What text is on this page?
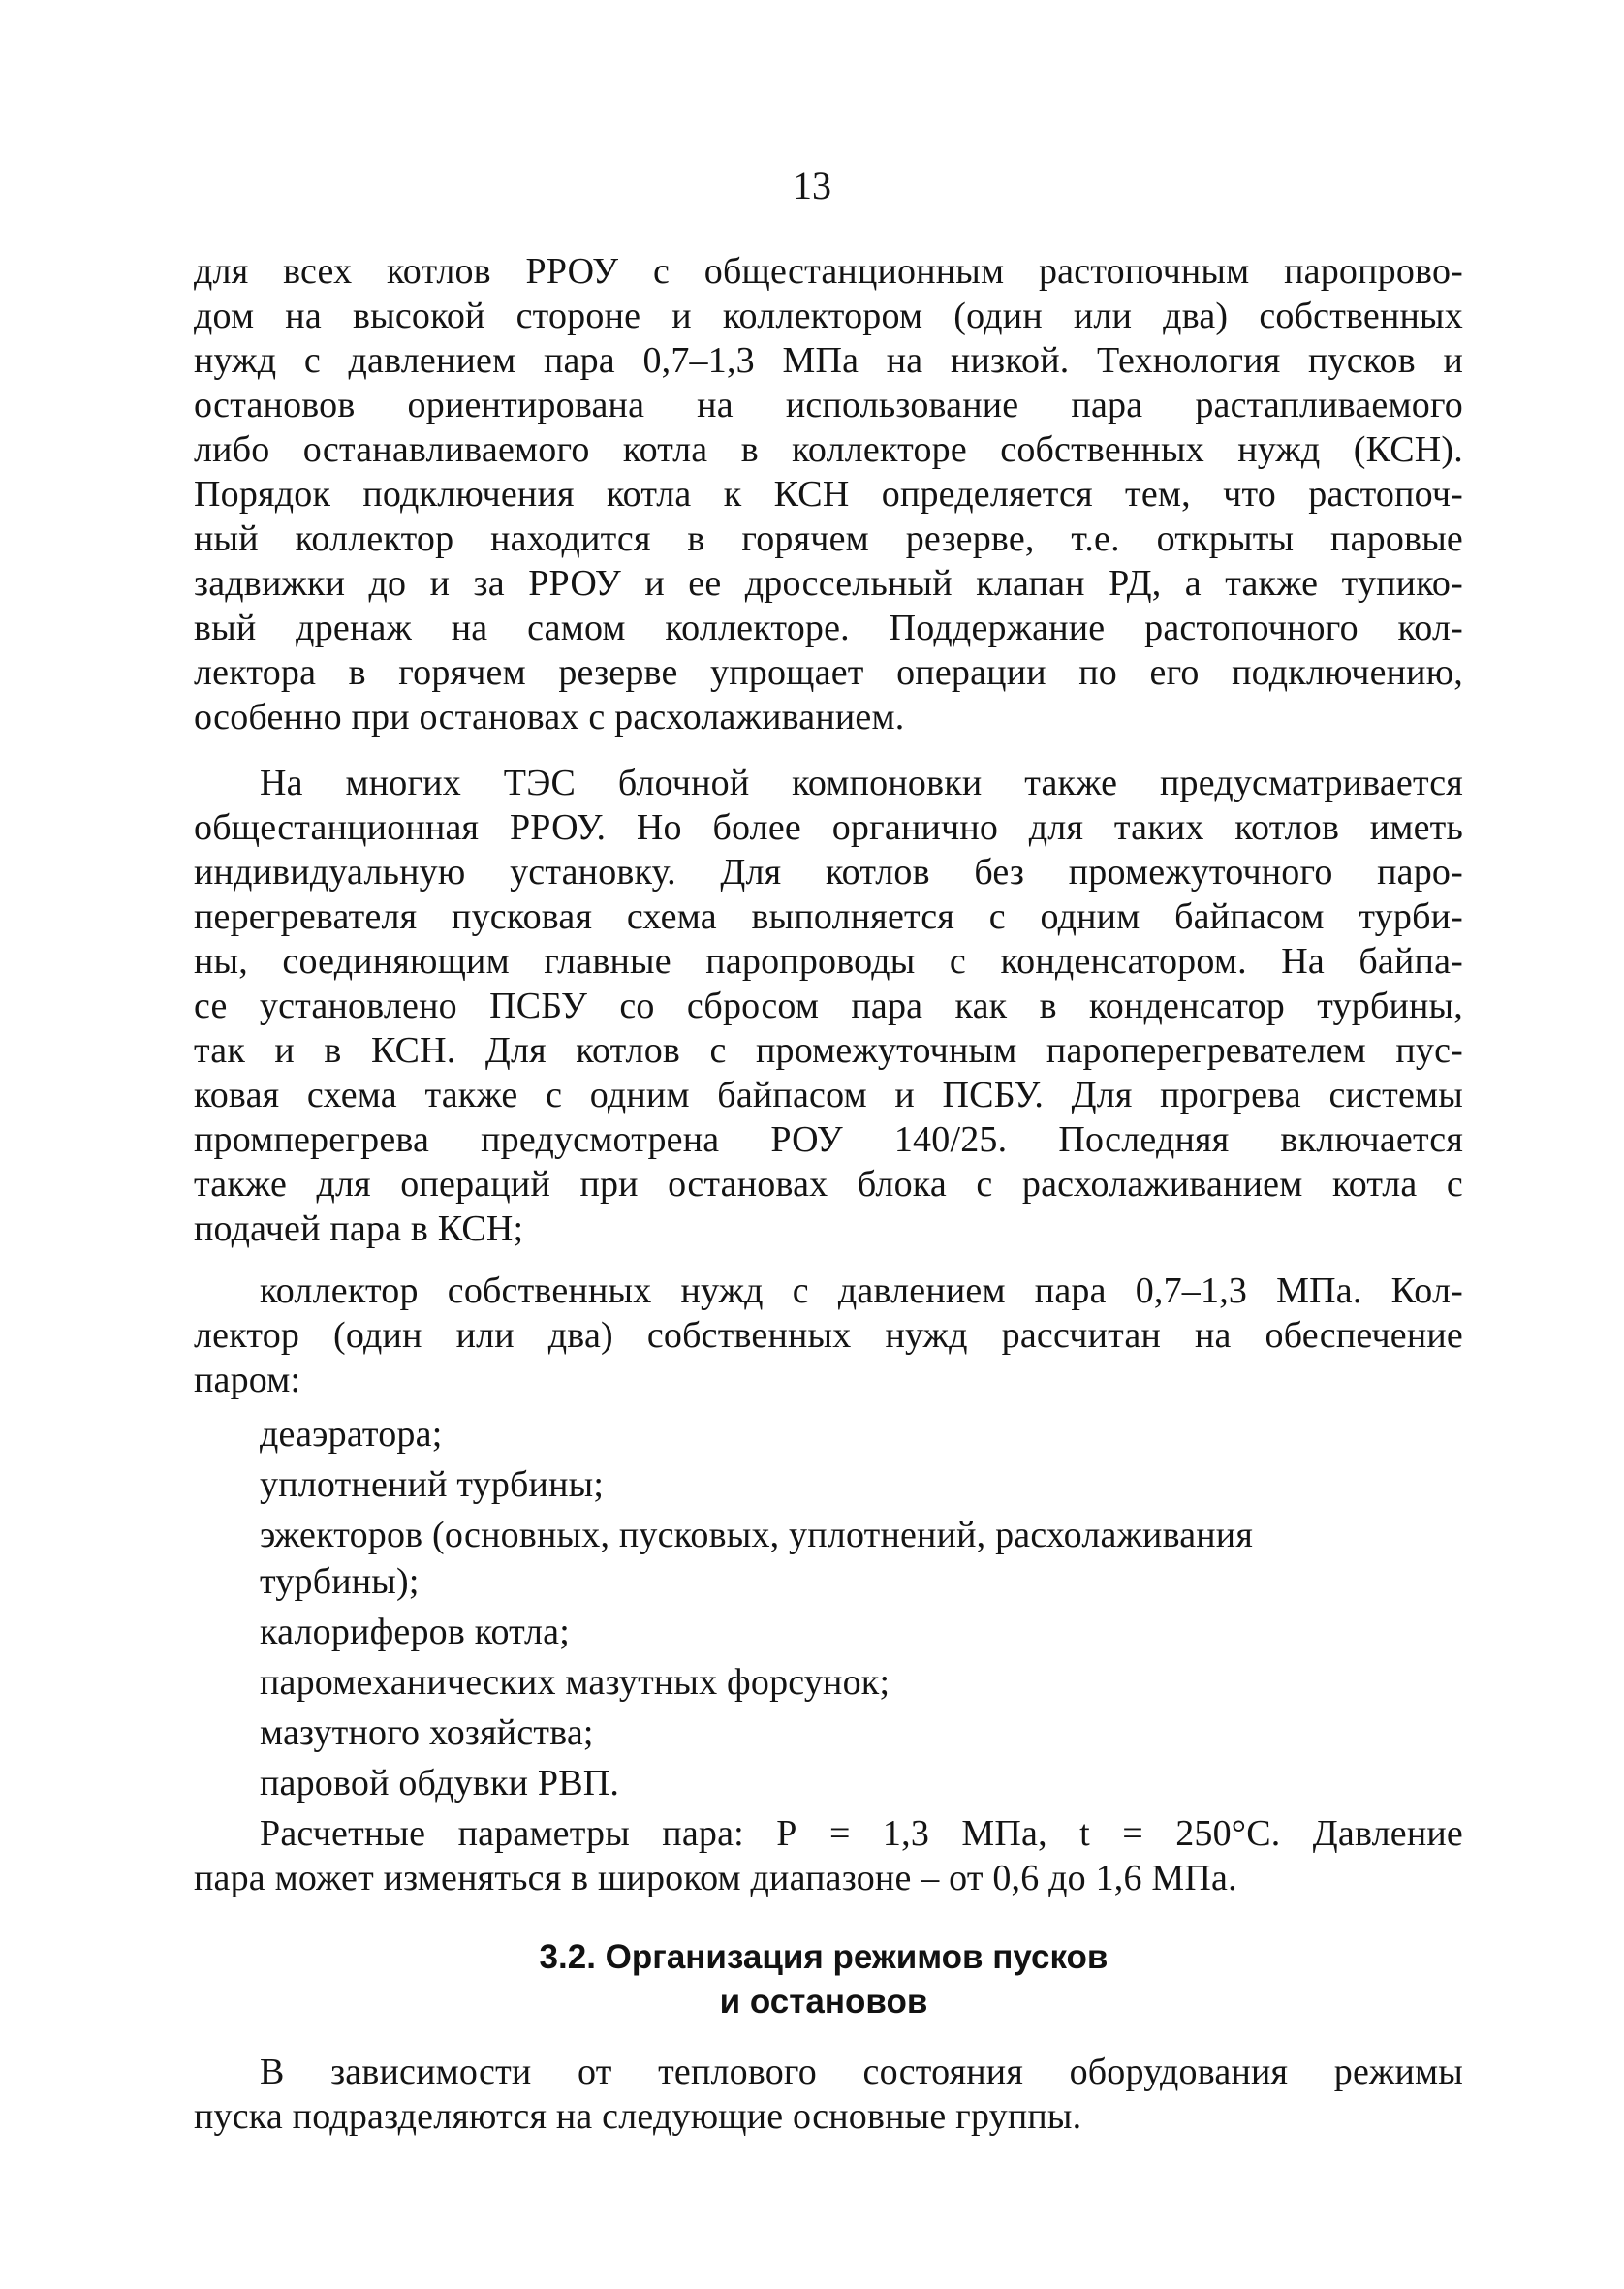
13
для всех котлов РРОУ с общестанционным растопочным паропрово-
дом на высокой стороне и коллектором (один или два) собственных
нужд с давлением пара 0,7–1,3 МПа на низкой. Технология пусков и
остановов ориентирована на использование пара растапливаемого
либо останавливаемого котла в коллекторе собственных нужд (КСН).
Порядок подключения котла к КСН определяется тем, что растопоч-
ный коллектор находится в горячем резерве, т.е. открыты паровые
задвижки до и за РРОУ и ее дроссельный клапан РД, а также тупико-
вый дренаж на самом коллекторе. Поддержание растопочного кол-
лектора в горячем резерве упрощает операции по его подключению,
особенно при остановах с расхолаживанием.
На многих ТЭС блочной компоновки также предусматривается
общестанционная РРОУ. Но более органично для таких котлов иметь
индивидуальную установку. Для котлов без промежуточного паро-
перегревателя пусковая схема выполняется с одним байпасом турби-
ны, соединяющим главные паропроводы с конденсатором. На байпа-
се установлено ПСБУ со сбросом пара как в конденсатор турбины,
так и в КСН. Для котлов с промежуточным пароперегревателем пус-
ковая схема также с одним байпасом и ПСБУ. Для прогрева системы
промперегрева предусмотрена РОУ 140/25. Последняя включается
также для операций при остановах блока с расхолаживанием котла с
подачей пара в КСН;
коллектор собственных нужд с давлением пара 0,7–1,3 МПа. Кол-
лектор (один или два) собственных нужд рассчитан на обеспечение
паром:
деаэратора;
уплотнений турбины;
эжекторов (основных, пусковых, уплотнений, расхолаживания
турбины);
калориферов котла;
паромеханических мазутных форсунок;
мазутного хозяйства;
паровой обдувки РВП.
Расчетные параметры пара: Р = 1,3 МПа, t = 250°С. Давление
пара может изменяться в широком диапазоне – от 0,6 до 1,6 МПа.
3.2. Организация режимов пусков
и остановов
В зависимости от теплового состояния оборудования режимы
пуска подразделяются на следующие основные группы.
